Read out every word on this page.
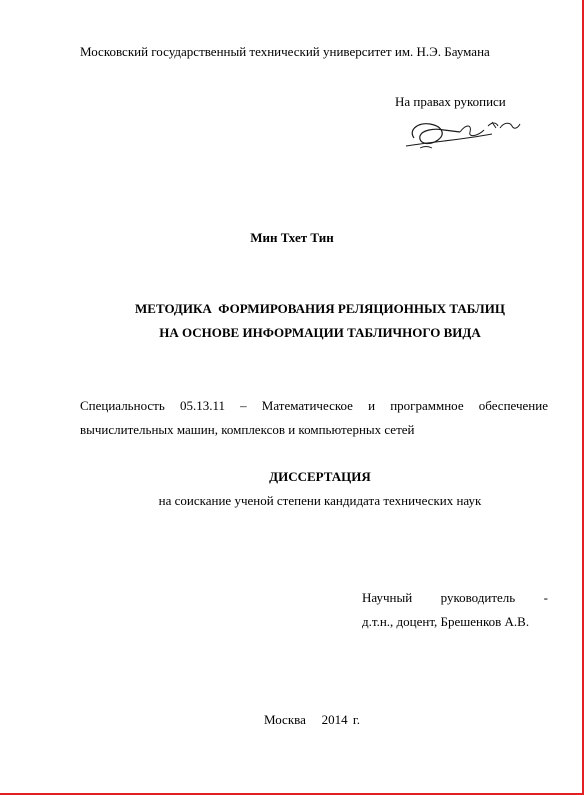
Московский государственный технический университет им. Н.Э. Баумана
На правах рукописи
Мин Тхет Тин
МЕТОДИКА  ФОРМИРОВАНИЯ РЕЛЯЦИОННЫХ ТАБЛИЦ
НА ОСНОВЕ ИНФОРМАЦИИ ТАБЛИЧНОГО ВИДА
Специальность 05.13.11 – Математическое и программное обеспечение
вычислительных машин, комплексов и компьютерных сетей
ДИССЕРТАЦИЯ
на соискание ученой степени кандидата технических наук
Научный руководитель -
д.т.н., доцент, Брешенков А.В.
Москва   2014 г.
